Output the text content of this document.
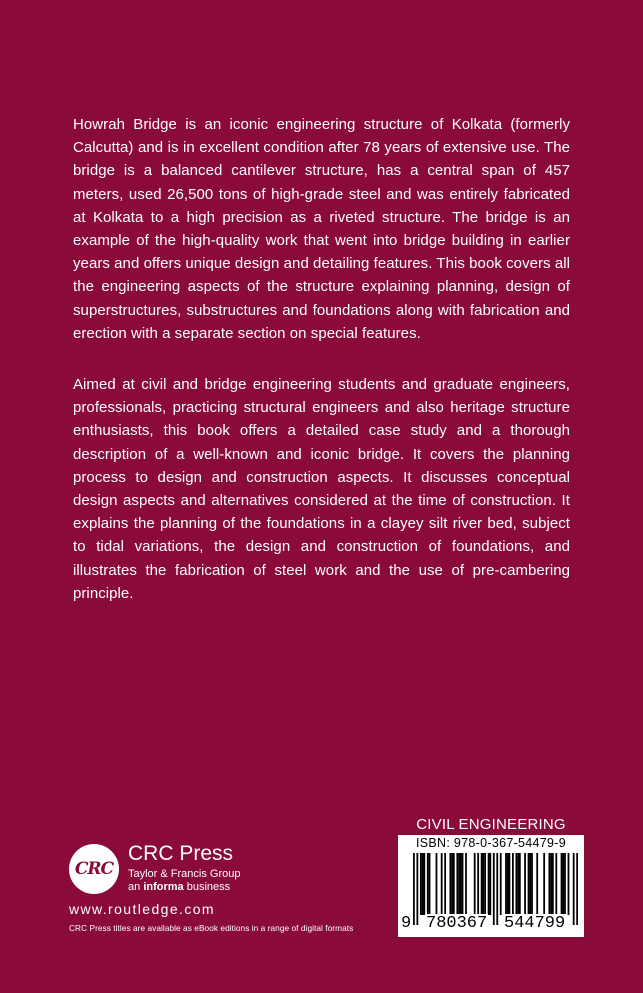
Howrah Bridge is an iconic engineering structure of Kolkata (formerly Calcutta) and is in excellent condition after 78 years of extensive use. The bridge is a balanced cantilever structure, has a central span of 457 meters, used 26,500 tons of high-grade steel and was entirely fabricated at Kolkata to a high precision as a riveted structure. The bridge is an example of the high-quality work that went into bridge building in earlier years and offers unique design and detailing features. This book covers all the engineering aspects of the structure explaining planning, design of superstructures, substructures and foundations along with fabrication and erection with a separate section on special features.

Aimed at civil and bridge engineering students and graduate engineers, professionals, practicing structural engineers and also heritage structure enthusiasts, this book offers a detailed case study and a thorough description of a well-known and iconic bridge. It covers the planning process to design and construction aspects. It discusses conceptual design aspects and alternatives considered at the time of construction. It explains the planning of the foundations in a clayey silt river bed, subject to tidal variations, the design and construction of foundations, and illustrates the fabrication of steel work and the use of pre-cambering principle.

CRC
CRC Press
Taylor & Francis Group
an informa business
www.routledge.com
CRC Press titles are available as eBook editions in a range of digital formats
CIVIL ENGINEERING
ISBN: 978-0-367-54479-9
9 780367 544799
